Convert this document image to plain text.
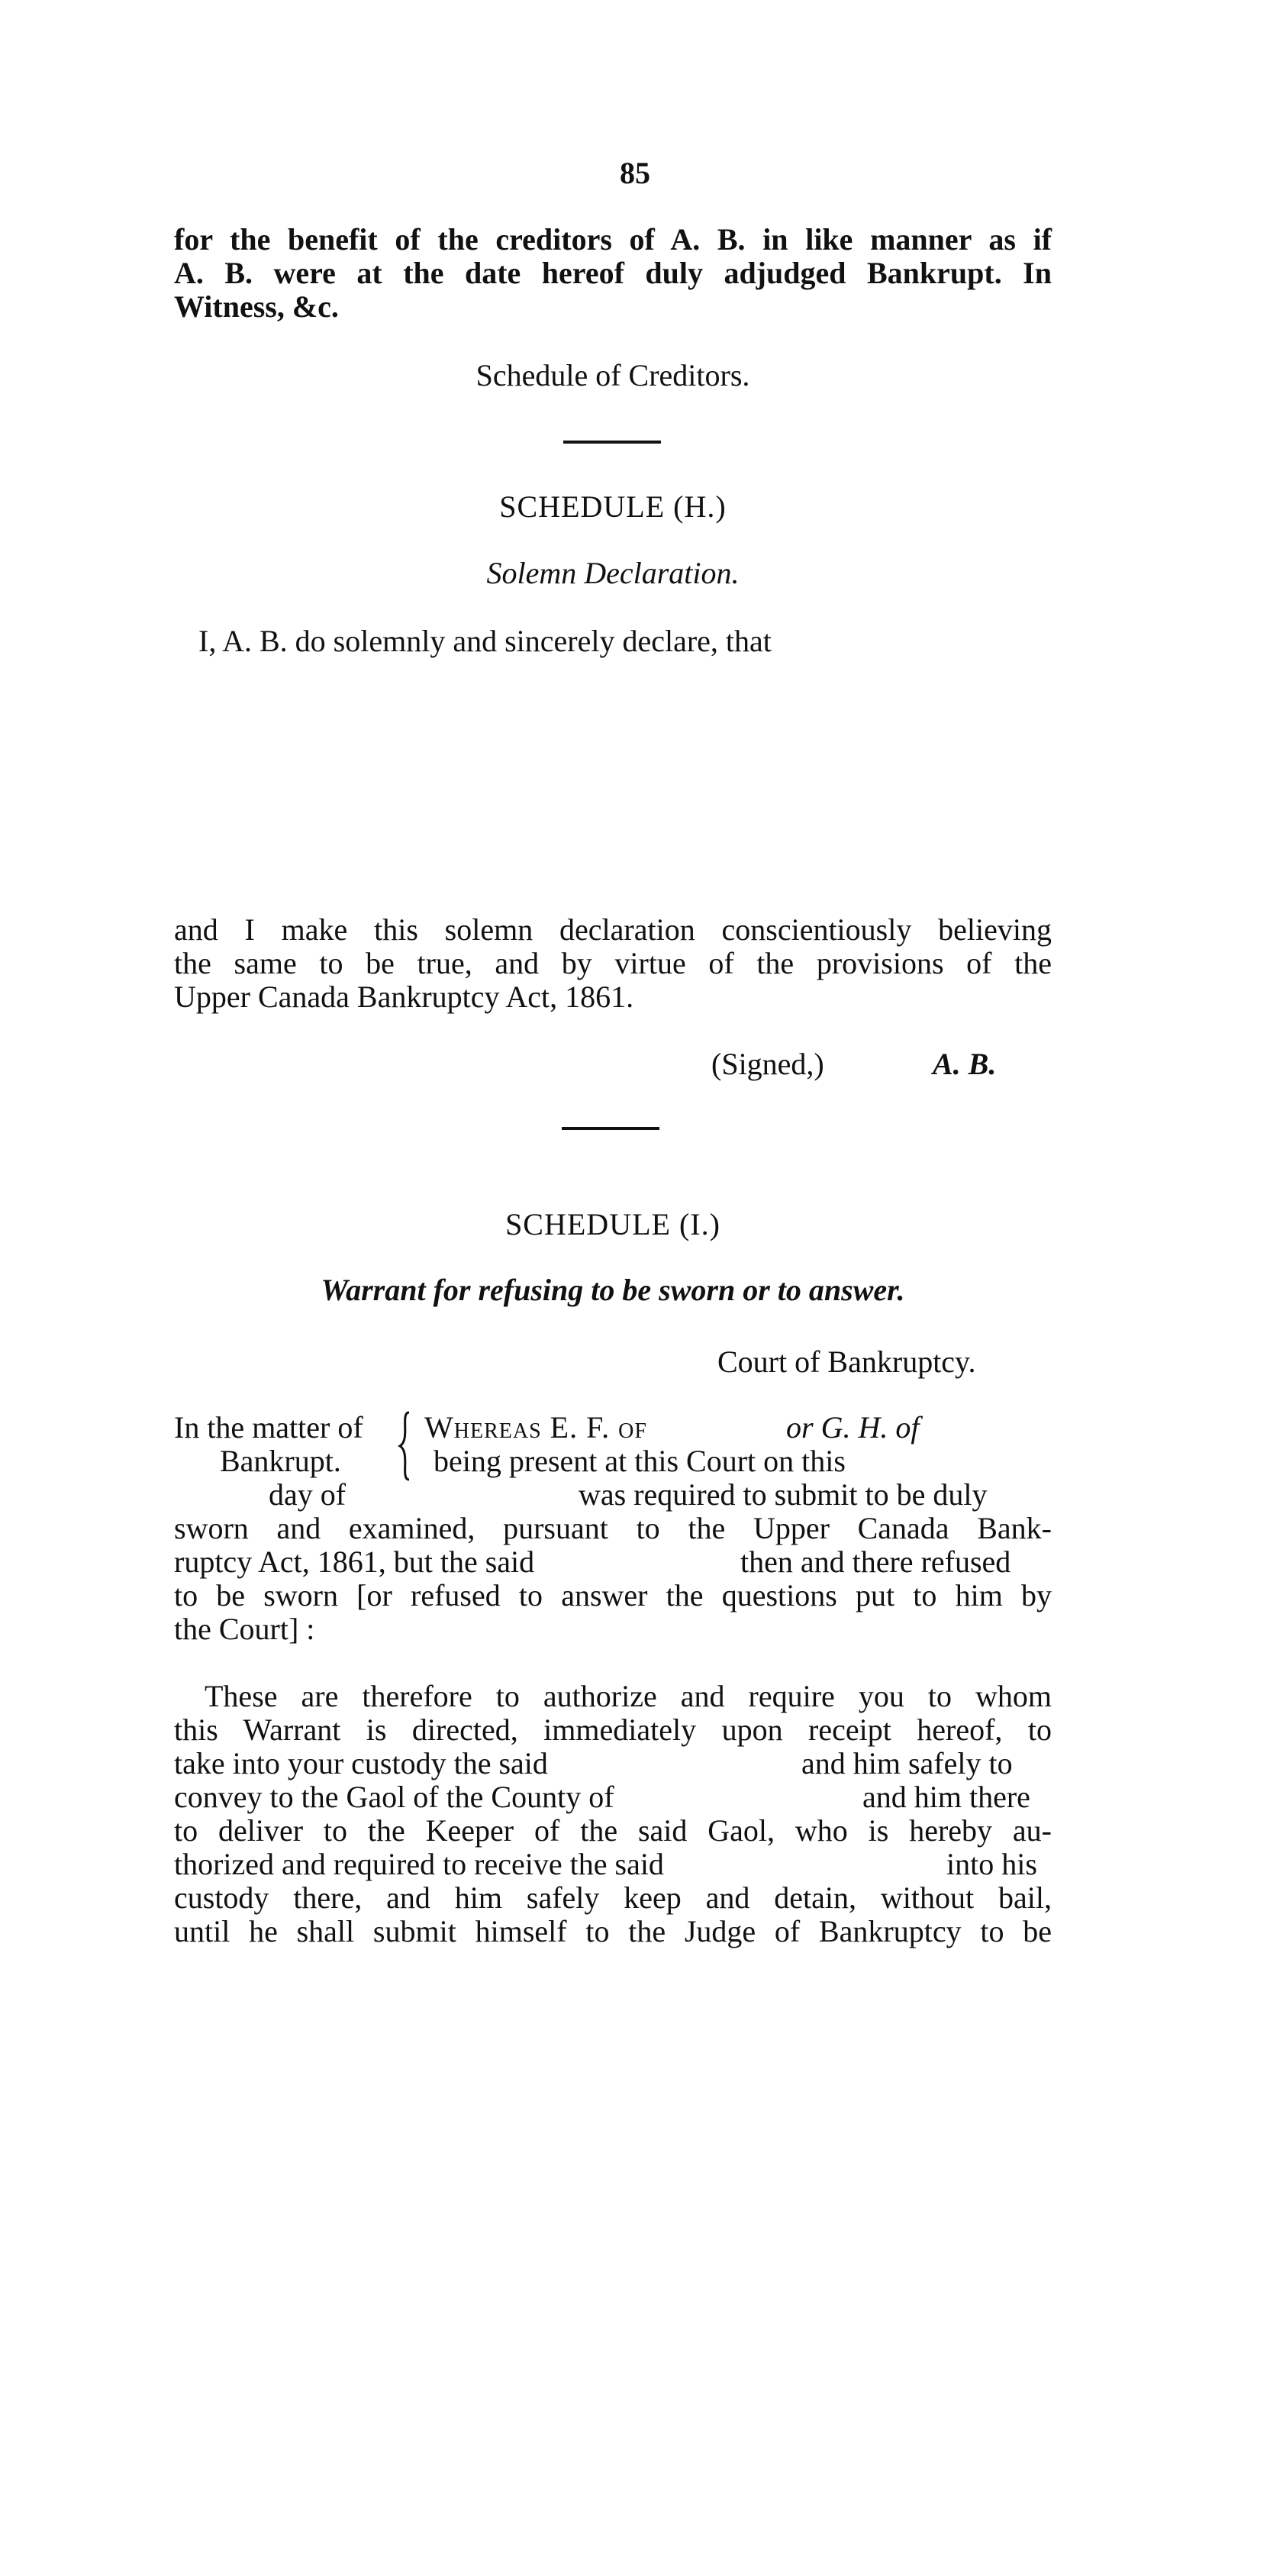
85

for the benefit of the creditors of A. B. in like manner as if

A. B. were at the date hereof duly adjudged Bankrupt. In

Witness, &c.

Schedule of Creditors.
SCHEDULE (H.)
Solemn Declaration.
I, A. B. do solemnly and sincerely declare, that

and I make this solemn declaration conscientiously believing

the same to be true, and by virtue of the provisions of the

Upper Canada Bankruptcy Act, 1861.

(Signed,)	A. B.
SCHEDULE (I.)
Warrant for refusing to be sworn or to answer.
Court of Bankruptcy.
In the matter of
Bankrupt.
Whereas E. F. of	or G. H. of
being present at this Court on this
day of	was required to submit to be duly

sworn and examined, pursuant to the Upper Canada Bank-

ruptcy Act, 1861, but the said	then and there refused

to be sworn [or refused to answer the questions put to him by

the Court] :

These are therefore to authorize and require you to whom

this Warrant is directed, immediately upon receipt hereof, to

take into your custody the said	and him safely to
convey to the Gaol of the County of	and him there

to deliver to the Keeper of the said Gaol, who is hereby au-

thorized and required to receive the said	into his

custody there, and him safely keep and detain, without bail,

until he shall submit himself to the Judge of Bankruptcy to be
